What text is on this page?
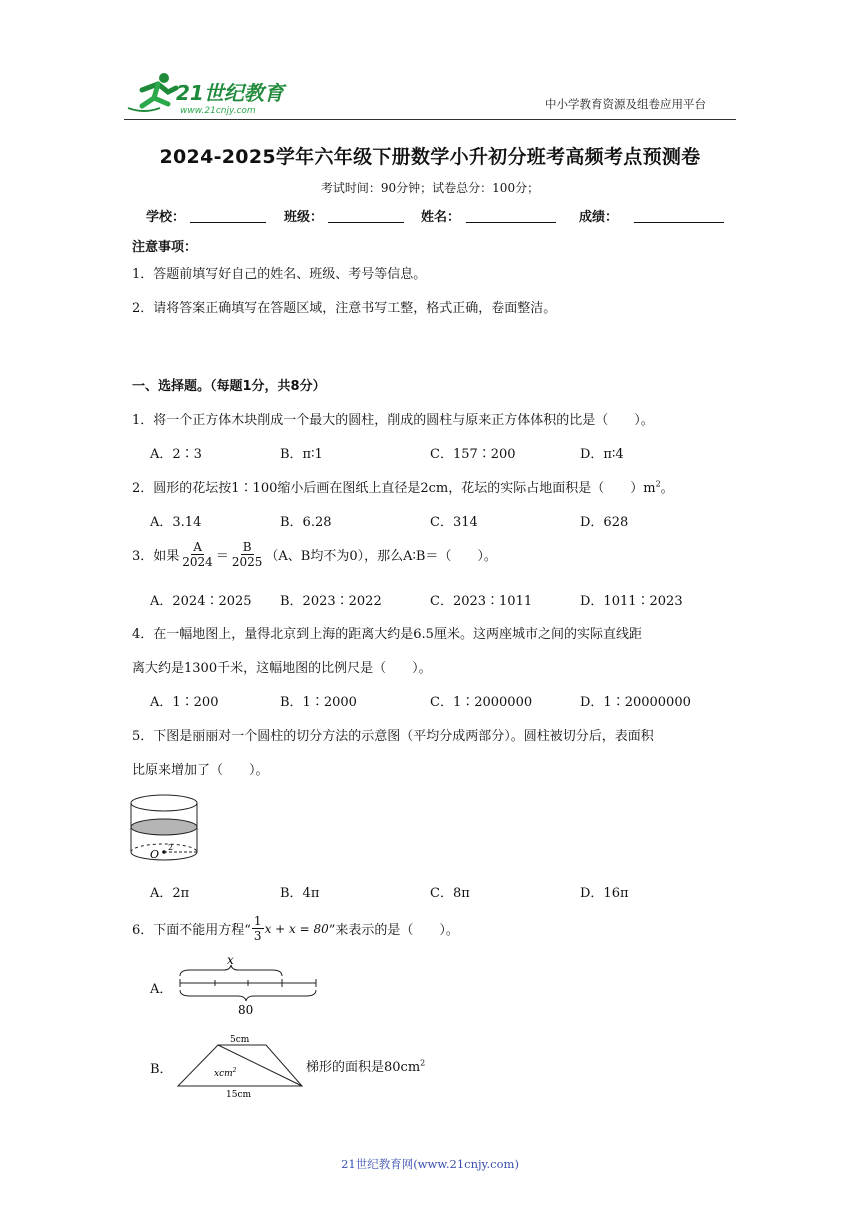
21世纪教育
www.21cnjy.com	中小学教育资源及组卷应用平台
2024-2025学年六年级下册数学小升初分班考高频考点预测卷
考试时间：90分钟；试卷总分：100分；
学校：	班级：	姓名：	成绩：
注意事项：
1．答题前填写好自己的姓名、班级、考号等信息。
2．请将答案正确填写在答题区域，注意书写工整，格式正确，卷面整洁。
一、选择题。（每题1分，共8分）
1．将一个正方体木块削成一个最大的圆柱，削成的圆柱与原来正方体体积的比是（　　）。
A．2∶3	B．π∶1	C．157∶200	D．π∶4
2．圆形的花坛按1∶100缩小后画在图纸上直径是2cm，花坛的实际占地面积是（　　）$m^2$。
A．3.14	B．6.28	C．314	D．628
3．如果 $\frac{A}{2024} = \frac{B}{2025} (A$、B均不为0），那么A∶B＝（　　）。
A．2024∶2025 B．2023∶2022	C．2023∶1011	D．1011∶2023
4．在一幅地图上，量得北京到上海的距离大约是6.5厘米。这两座城市之间的实际直线距
离大约是1300千米，这幅地图的比例尺是（　　）。
A．1∶200	B．1∶2000	C．1∶2000000	D．1∶20000000
5．下图是丽丽对一个圆柱的切分方法的示意图（平均分成两部分）。圆柱被切分后，表面积
比原来增加了（　　）。
O
2
A．2π	B．4π	C．8π	D．16π
6．下面不能用方程“ $\frac{1}{3}$ x + x = 80 ”来表示的是（　　）。
A．
x
80
B．
5cm
xcm$^2$
15cm
梯形的面积是$80cm^2$
21世纪教育网(www.21cnjy.com)
